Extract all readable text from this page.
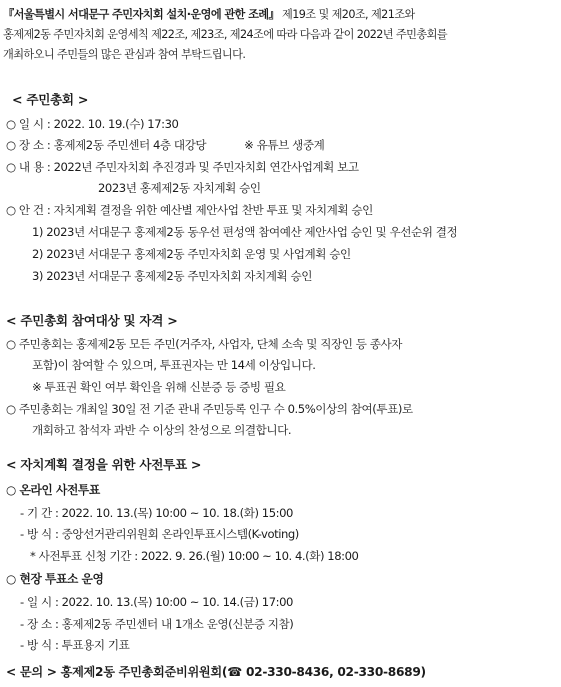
『서울특별시 서대문구 주민자치회 설치·운영에 관한 조례』 제19조 및 제20조, 제21조와
홍제제2동 주민자치회 운영세칙 제22조, 제23조, 제24조에 따라 다음과 같이 2022년 주민총회를
개최하오니 주민들의 많은 관심과 참여 부탁드립니다.
< 주민총회 >
○ 일 시 : 2022. 10. 19.(수) 17:30
○ 장 소 : 홍제제2동 주민센터 4층 대강당	※ 유튜브 생중계
○ 내 용 : 2022년 주민자치회 추진경과 및 주민자치회 연간사업계획 보고
2023년 홍제제2동 자치계획 승인
○ 안 건 : 자치계획 결정을 위한 예산별 제안사업 찬반 투표 및 자치계획 승인
1) 2023년 서대문구 홍제제2동 동우선 편성액 참여예산 제안사업 승인 및 우선순위 결정
2) 2023년 서대문구 홍제제2동 주민자치회 운영 및 사업계획 승인
3) 2023년 서대문구 홍제제2동 주민자치회 자치계획 승인
< 주민총회 참여대상 및 자격 >
○ 주민총회는 홍제제2동 모든 주민(거주자, 사업자, 단체 소속 및 직장인 등 종사자
포함)이 참여할 수 있으며, 투표권자는 만 14세 이상입니다.
※ 투표권 확인 여부 확인을 위해 신분증 등 증빙 필요
○ 주민총회는 개최일 30일 전 기준 관내 주민등록 인구 수 0.5%이상의 참여(투표)로
개회하고 참석자 과반 수 이상의 찬성으로 의결합니다.
< 자치계획 결정을 위한 사전투표 >
○ 온라인 사전투표
- 기 간 : 2022. 10. 13.(목) 10:00 ~ 10. 18.(화) 15:00
- 방 식 : 중앙선거관리위원회 온라인투표시스템(K-voting)
* 사전투표 신청 기간 : 2022. 9. 26.(월) 10:00 ~ 10. 4.(화) 18:00
○ 현장 투표소 운영
- 일 시 : 2022. 10. 13.(목) 10:00 ~ 10. 14.(금) 17:00
- 장 소 : 홍제제2동 주민센터 내 1개소 운영(신분증 지참)
- 방 식 : 투표용지 기표
< 문의 > 홍제제2동 주민총회준비위원회(☎ 02-330-8436, 02-330-8689)
